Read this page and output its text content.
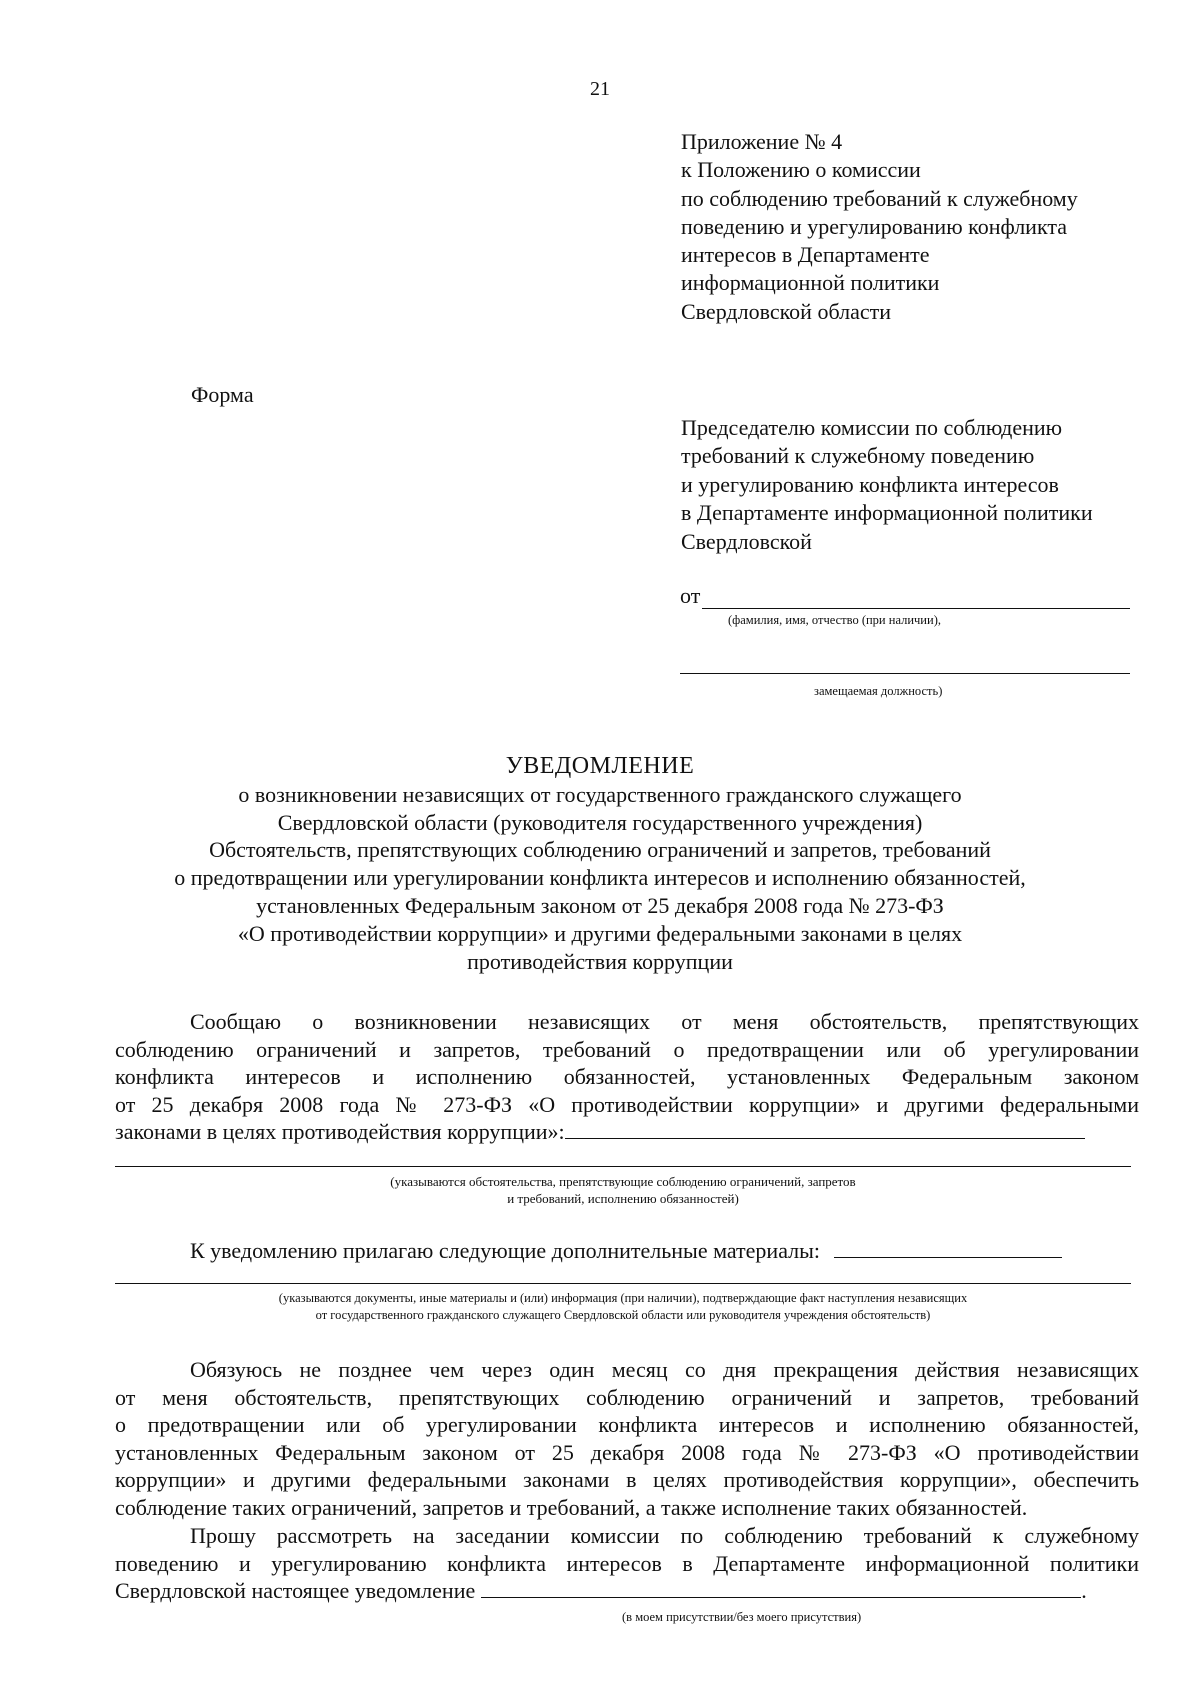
21
Приложение № 4
к Положению о комиссии
по соблюдению требований к служебному
поведению и урегулированию конфликта
интересов в Департаменте
информационной политики
Свердловской области
Форма
Председателю комиссии по соблюдению
требований к служебному поведению
и урегулированию конфликта интересов
в Департаменте информационной политики
Свердловской
от
(фамилия, имя, отчество (при наличии),
замещаемая должность)
УВЕДОМЛЕНИЕ
о возникновении независящих от государственного гражданского служащего
Свердловской области (руководителя государственного учреждения)
Обстоятельств, препятствующих соблюдению ограничений и запретов, требований
о предотвращении или урегулировании конфликта интересов и исполнению обязанностей,
установленных Федеральным законом от 25 декабря 2008 года № 273-ФЗ
«О противодействии коррупции» и другими федеральными законами в целях
противодействия коррупции
Сообщаю о возникновении независящих от меня обстоятельств, препятствующих
соблюдению ограничений и запретов, требований о предотвращении или об урегулировании
конфликта интересов и исполнению обязанностей, установленных Федеральным законом
от 25 декабря 2008 года № 273-ФЗ «О противодействии коррупции» и другими федеральными
законами в целях противодействия коррупции»:
(указываются обстоятельства, препятствующие соблюдению ограничений, запретов
и требований, исполнению обязанностей)
К уведомлению прилагаю следующие дополнительные материалы:
(указываются документы, иные материалы и (или) информация (при наличии), подтверждающие факт наступления независящих
от государственного гражданского служащего Свердловской области или руководителя учреждения обстоятельств)
Обязуюсь не позднее чем через один месяц со дня прекращения действия независящих
от меня обстоятельств, препятствующих соблюдению ограничений и запретов, требований
о предотвращении или об урегулировании конфликта интересов и исполнению обязанностей,
установленных Федеральным законом от 25 декабря 2008 года № 273-ФЗ «О противодействии
коррупции» и другими федеральными законами в целях противодействия коррупции», обеспечить
соблюдение таких ограничений, запретов и требований, а также исполнение таких обязанностей.
Прошу рассмотреть на заседании комиссии по соблюдению требований к служебному
поведению и урегулированию конфликта интересов в Департаменте информационной политики
Свердловской настоящее уведомление	.
(в моем присутствии/без моего присутствия)
